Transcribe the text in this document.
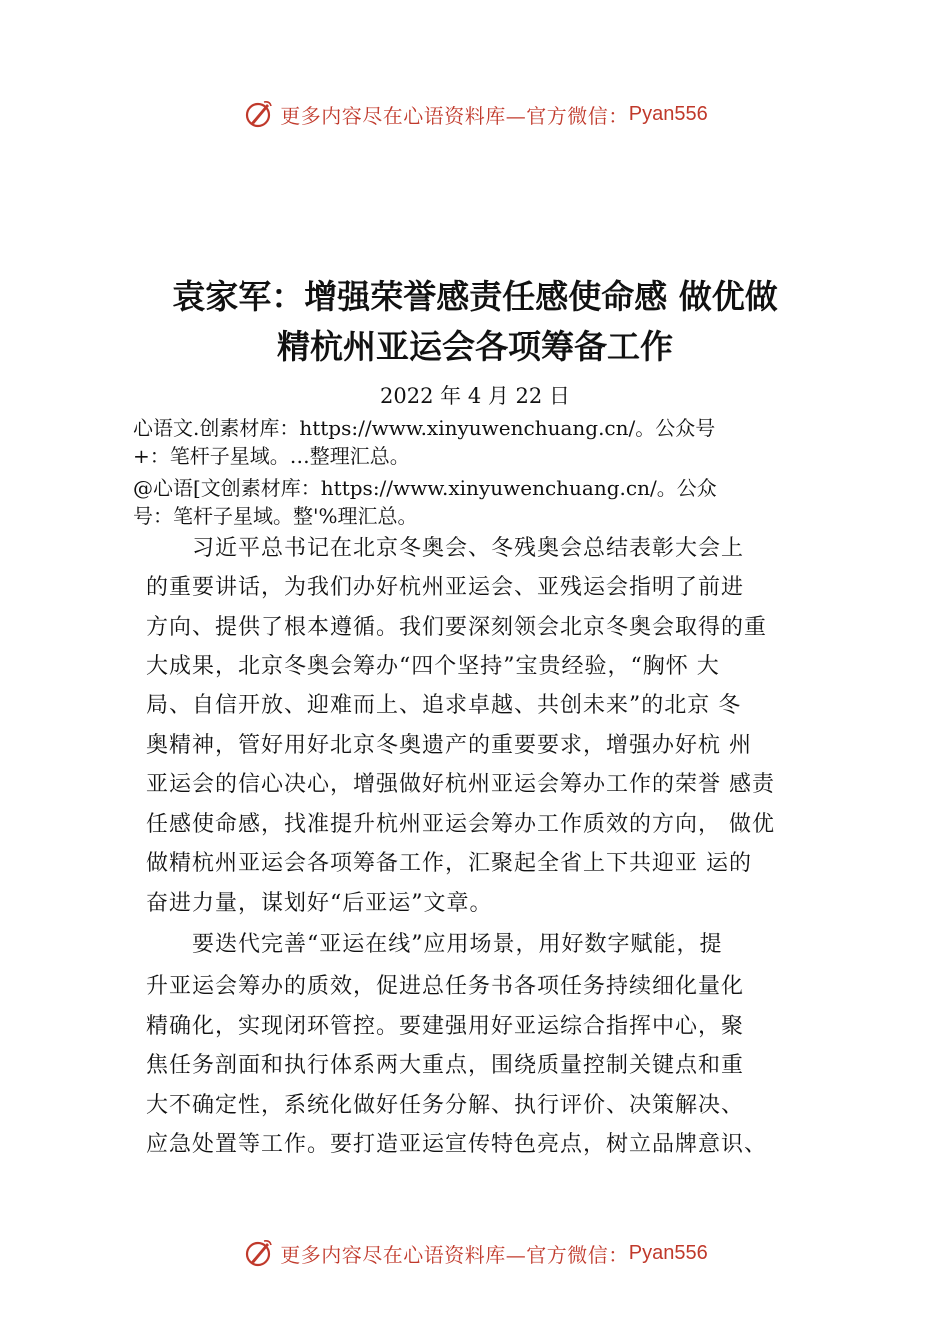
更多内容尽在心语资料库—官方微信： Pyan556
袁家军：增强荣誉感责任感使命感 做优做
精杭州亚运会各项筹备工作
2022 年 4 月 22 日
心语文.创素材库：https://www.xinyuwenchuang.cn/。公众号
+：笔杆子星域。…整理汇总。
@心语[文创素材库：https://www.xinyuwenchuang.cn/。公众
号：笔杆子星域。整'%理汇总。
　　习近平总书记在北京冬奥会、冬残奥会总结表彰大会上
的重要讲话，为我们办好杭州亚运会、亚残运会指明了前进
方向、提供了根本遵循。我们要深刻领会北京冬奥会取得的重
大成果，北京冬奥会筹办“四个坚持”宝贵经验，“胸怀 大
局、自信开放、迎难而上、追求卓越、共创未来”的北京 冬
奥精神，管好用好北京冬奥遗产的重要要求，增强办好杭 州
亚运会的信心决心，增强做好杭州亚运会筹办工作的荣誉 感责
任感使命感，找准提升杭州亚运会筹办工作质效的方向， 做优
做精杭州亚运会各项筹备工作，汇聚起全省上下共迎亚 运的
奋进力量，谋划好“后亚运”文章。
　　要迭代完善“亚运在线”应用场景，用好数字赋能，提
升亚运会筹办的质效，促进总任务书各项任务持续细化量化
精确化，实现闭环管控。要建强用好亚运综合指挥中心，聚
焦任务剖面和执行体系两大重点，围绕质量控制关键点和重
大不确定性，系统化做好任务分解、执行评价、决策解决、
应急处置等工作。要打造亚运宣传特色亮点，树立品牌意识、
更多内容尽在心语资料库—官方微信： Pyan556
